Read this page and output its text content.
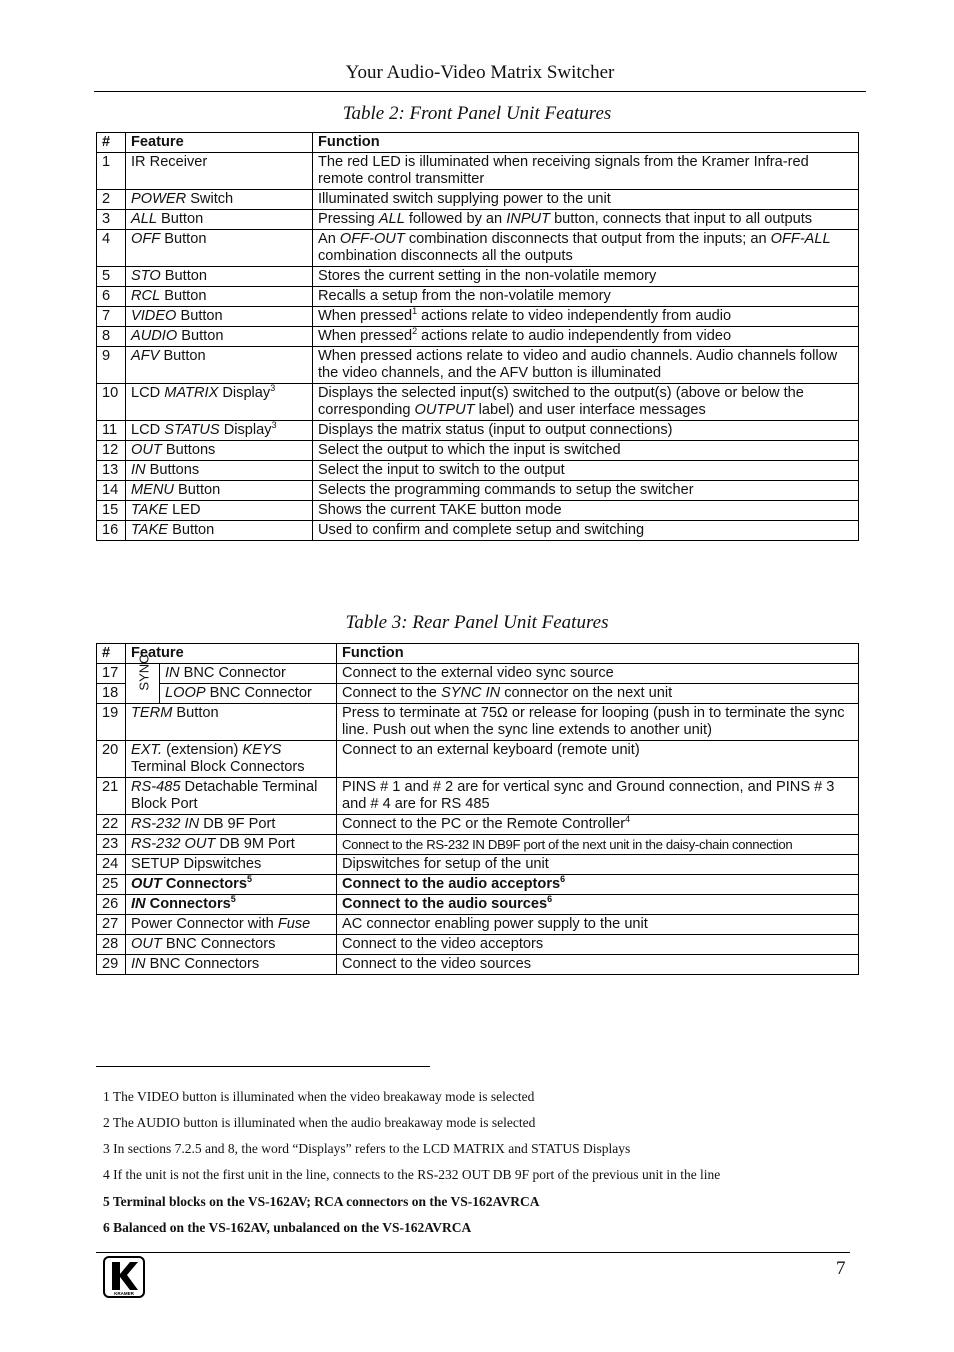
Your Audio-Video Matrix Switcher
Table 2: Front Panel Unit Features
#	Feature	Function
1	IR Receiver	The red LED is illuminated when receiving signals from the Kramer Infra-red remote control transmitter
2	POWER Switch	Illuminated switch supplying power to the unit
3	ALL Button	Pressing ALL followed by an INPUT button, connects that input to all outputs
4	OFF Button	An OFF-OUT combination disconnects that output from the inputs; an OFF-ALL combination disconnects all the outputs
5	STO Button	Stores the current setting in the non-volatile memory
6	RCL Button	Recalls a setup from the non-volatile memory
7	VIDEO Button	When pressed$^1$ actions relate to video independently from audio
8	AUDIO Button	When pressed$^2$ actions relate to audio independently from video
9	AFV Button	When pressed actions relate to video and audio channels. Audio channels follow the video channels, and the AFV button is illuminated
10	LCD MATRIX Display$^3$	Displays the selected input(s) switched to the output(s) (above or below the corresponding OUTPUT label) and user interface messages
11	LCD STATUS Display$^3$	Displays the matrix status (input to output connections)
12	OUT Buttons	Select the output to which the input is switched
13	IN Buttons	Select the input to switch to the output
14	MENU Button	Selects the programming commands to setup the switcher
15	TAKE LED	Shows the current TAKE button mode
16	TAKE Button	Used to confirm and complete setup and switching
Table 3: Rear Panel Unit Features
#	Feature		Function
17	SYNC	IN BNC Connector	Connect to the external video sync source
18		LOOP BNC Connector	Connect to the SYNC IN connector on the next unit
19	TERM Button		Press to terminate at 75Ω or release for looping (push in to terminate the sync line. Push out when the sync line extends to another unit)
20	EXT. (extension) KEYS Terminal Block Connectors		Connect to an external keyboard (remote unit)
21	RS-485 Detachable Terminal Block Port		PINS # 1 and # 2 are for vertical sync and Ground connection, and PINS # 3 and # 4 are for RS 485
22	RS-232 IN DB 9F Port		Connect to the PC or the Remote Controller$^4$
23	RS-232 OUT DB 9M Port		Connect to the RS-232 IN DB9F port of the next unit in the daisy-chain connection
24	SETUP Dipswitches		Dipswitches for setup of the unit
25	OUT Connectors$^5$		Connect to the audio acceptors$^6$
26	IN Connectors$^5$		Connect to the audio sources$^6$
27	Power Connector with Fuse		AC connector enabling power supply to the unit
28	OUT BNC Connectors		Connect to the video acceptors
29	IN BNC Connectors		Connect to the video sources
1 The VIDEO button is illuminated when the video breakaway mode is selected
2 The AUDIO button is illuminated when the audio breakaway mode is selected
3 In sections 7.2.5 and 8, the word “Displays” refers to the LCD MATRIX and STATUS Displays
4 If the unit is not the first unit in the line, connects to the RS-232 OUT DB 9F port of the previous unit in the line
5 Terminal blocks on the VS-162AV; RCA connectors on the VS-162AVRCA
6 Balanced on the VS-162AV, unbalanced on the VS-162AVRCA
KRAMER
7
